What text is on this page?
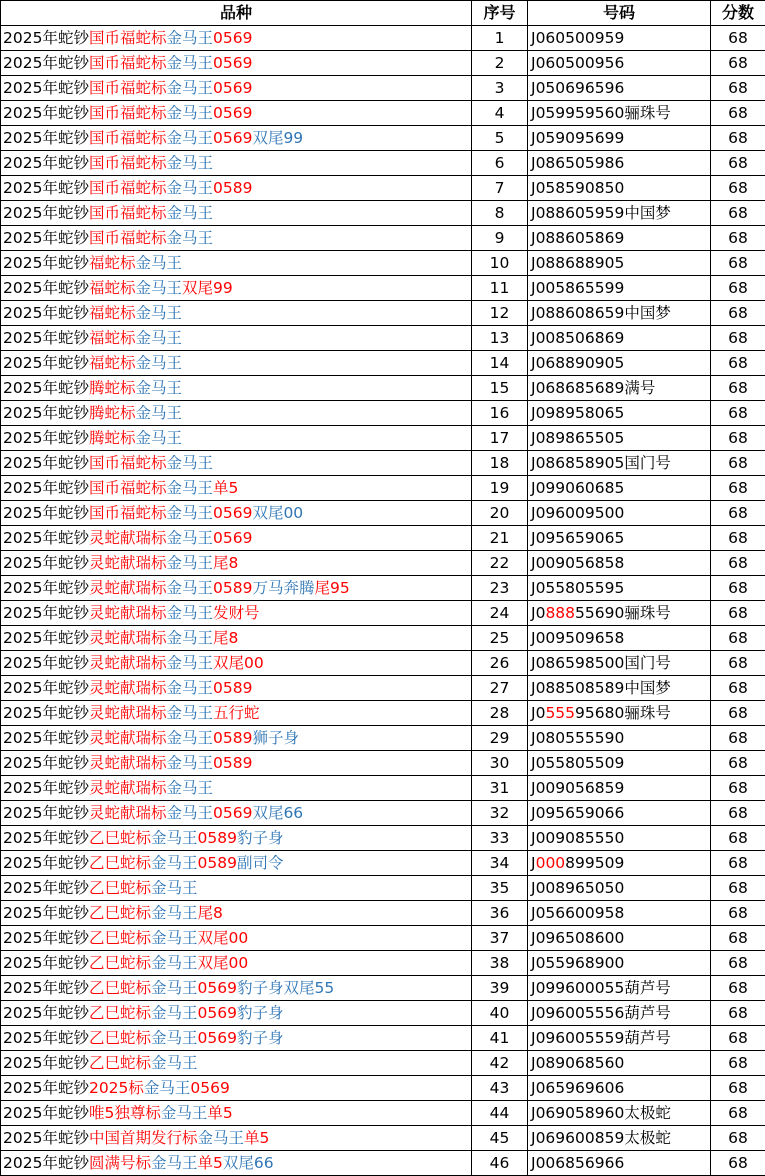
品种	序号	号码	分数
2025年蛇钞国币福蛇标金马王0569	1	J060500959	68
2025年蛇钞国币福蛇标金马王0569	2	J060500956	68
2025年蛇钞国币福蛇标金马王0569	3	J050696596	68
2025年蛇钞国币福蛇标金马王0569	4	J059959560骊珠号	68
2025年蛇钞国币福蛇标金马王0569双尾99	5	J059095699	68
2025年蛇钞国币福蛇标金马王	6	J086505986	68
2025年蛇钞国币福蛇标金马王0589	7	J058590850	68
2025年蛇钞国币福蛇标金马王	8	J088605959中国梦	68
2025年蛇钞国币福蛇标金马王	9	J088605869	68
2025年蛇钞福蛇标金马王	10	J088688905	68
2025年蛇钞福蛇标金马王双尾99	11	J005865599	68
2025年蛇钞福蛇标金马王	12	J088608659中国梦	68
2025年蛇钞福蛇标金马王	13	J008506869	68
2025年蛇钞福蛇标金马王	14	J068890905	68
2025年蛇钞腾蛇标金马王	15	J068685689满号	68
2025年蛇钞腾蛇标金马王	16	J098958065	68
2025年蛇钞腾蛇标金马王	17	J089865505	68
2025年蛇钞国币福蛇标金马王	18	J086858905国门号	68
2025年蛇钞国币福蛇标金马王单5	19	J099060685	68
2025年蛇钞国币福蛇标金马王0569双尾00	20	J096009500	68
2025年蛇钞灵蛇献瑞标金马王0569	21	J095659065	68
2025年蛇钞灵蛇献瑞标金马王尾8	22	J009056858	68
2025年蛇钞灵蛇献瑞标金马王0589万马奔腾尾95	23	J055805595	68
2025年蛇钞灵蛇献瑞标金马王发财号	24	J088855690骊珠号	68
2025年蛇钞灵蛇献瑞标金马王尾8	25	J009509658	68
2025年蛇钞灵蛇献瑞标金马王双尾00	26	J086598500国门号	68
2025年蛇钞灵蛇献瑞标金马王0589	27	J088508589中国梦	68
2025年蛇钞灵蛇献瑞标金马王五行蛇	28	J055595680骊珠号	68
2025年蛇钞灵蛇献瑞标金马王0589狮子身	29	J080555590	68
2025年蛇钞灵蛇献瑞标金马王0589	30	J055805509	68
2025年蛇钞灵蛇献瑞标金马王	31	J009056859	68
2025年蛇钞灵蛇献瑞标金马王0569双尾66	32	J095659066	68
2025年蛇钞乙巳蛇标金马王0589豹子身	33	J009085550	68
2025年蛇钞乙巳蛇标金马王0589副司令	34	J000899509	68
2025年蛇钞乙巳蛇标金马王	35	J008965050	68
2025年蛇钞乙巳蛇标金马王尾8	36	J056600958	68
2025年蛇钞乙巳蛇标金马王双尾00	37	J096508600	68
2025年蛇钞乙巳蛇标金马王双尾00	38	J055968900	68
2025年蛇钞乙巳蛇标金马王0569豹子身双尾55	39	J099600055葫芦号	68
2025年蛇钞乙巳蛇标金马王0569豹子身	40	J096005556葫芦号	68
2025年蛇钞乙巳蛇标金马王0569豹子身	41	J096005559葫芦号	68
2025年蛇钞乙巳蛇标金马王	42	J089068560	68
2025年蛇钞2025标金马王0569	43	J065969606	68
2025年蛇钞唯5独尊标金马王单5	44	J069058960太极蛇	68
2025年蛇钞中国首期发行标金马王单5	45	J069600859太极蛇	68
2025年蛇钞圆满号标金马王单5双尾66	46	J006856966	68
